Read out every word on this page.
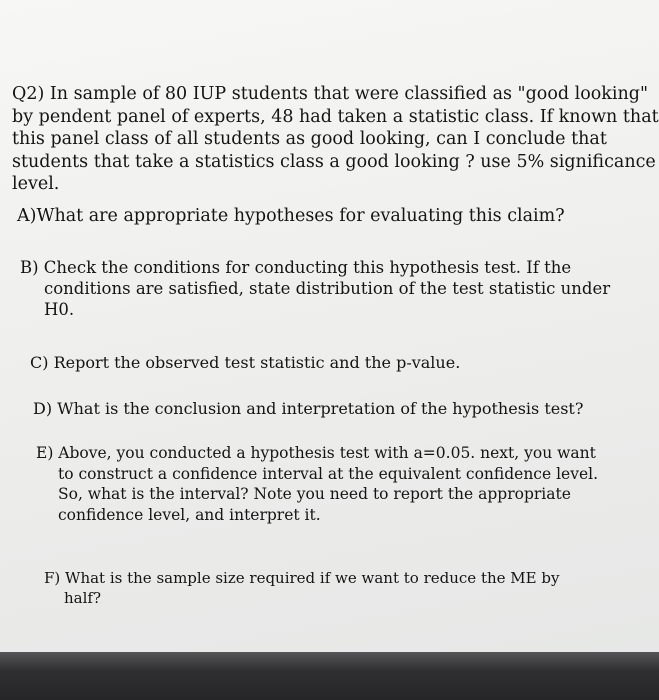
Q2) In sample of 80 IUP students that were classified as "good looking"
by pendent panel of experts, 48 had taken a statistic class. If known that
this panel class of all students as good looking, can I conclude that
students that take a statistics class a good looking ? use 5% significance
level.
A)What are appropriate hypotheses for evaluating this claim?
B) Check the conditions for conducting this hypothesis test. If the
conditions are satisfied, state distribution of the test statistic under
H0.
C) Report the observed test statistic and the p-value.
D) What is the conclusion and interpretation of the hypothesis test?
E) Above, you conducted a hypothesis test with a=0.05. next, you want
to construct a confidence interval at the equivalent confidence level.
So, what is the interval? Note you need to report the appropriate
confidence level, and interpret it.
F) What is the sample size required if we want to reduce the ME by
half?
